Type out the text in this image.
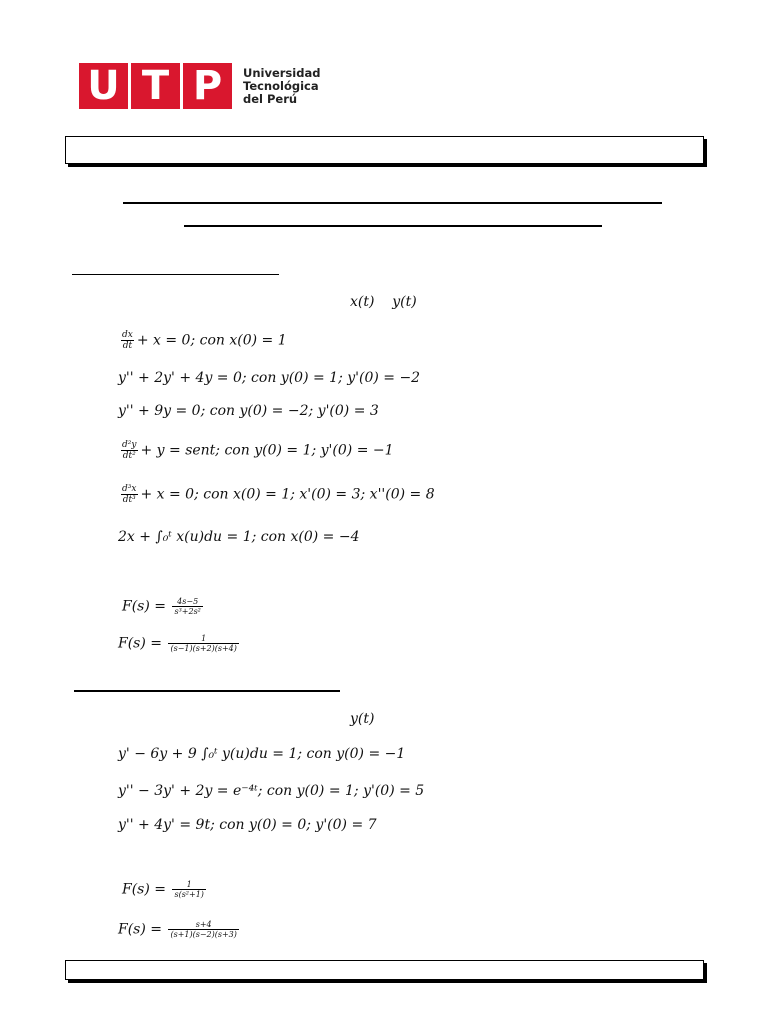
U T P	Universidad
Tecnológica
del Perú
x(t)    y(t)
$\frac{dx}{dt} + x = 0$; con x(0) = 1
y'' + 2y' + 4y = 0; con y(0) = 1; y'(0) = −2
y'' + 9y = 0; con y(0) = −2; y'(0) = 3
$\frac{\text{d²y}}{\text{dt²}} + y$ = sent; con y(0) = 1; y'(0) = −1
$\frac{\text{d³x}}{\text{dt³}} + x = 0$; con x(0) = 1; x'(0) = 3; x''(0) = 8
2x + ∫₀ᵗ x(u)du = 1; con x(0) = −4
$F(s) = \frac{4s-5}{\text{s³+2s²}}$
$F(s) = \frac{1}{(s-1)(s+2)(s+4)}$
y(t)
y' − 6y + 9 ∫₀ᵗ y(u)du = 1; con y(0) = −1
y'' − 3y' + 2y = e⁻⁴ᵗ; con y(0) = 1; y'(0) = 5
y'' + 4y' = 9t; con y(0) = 0; y'(0) = 7
$F(s) = \frac{1}{\text{s(s²+1)}}$
$F(s) = \frac{s+4}{(s+1)(s-2)(s+3)}$
